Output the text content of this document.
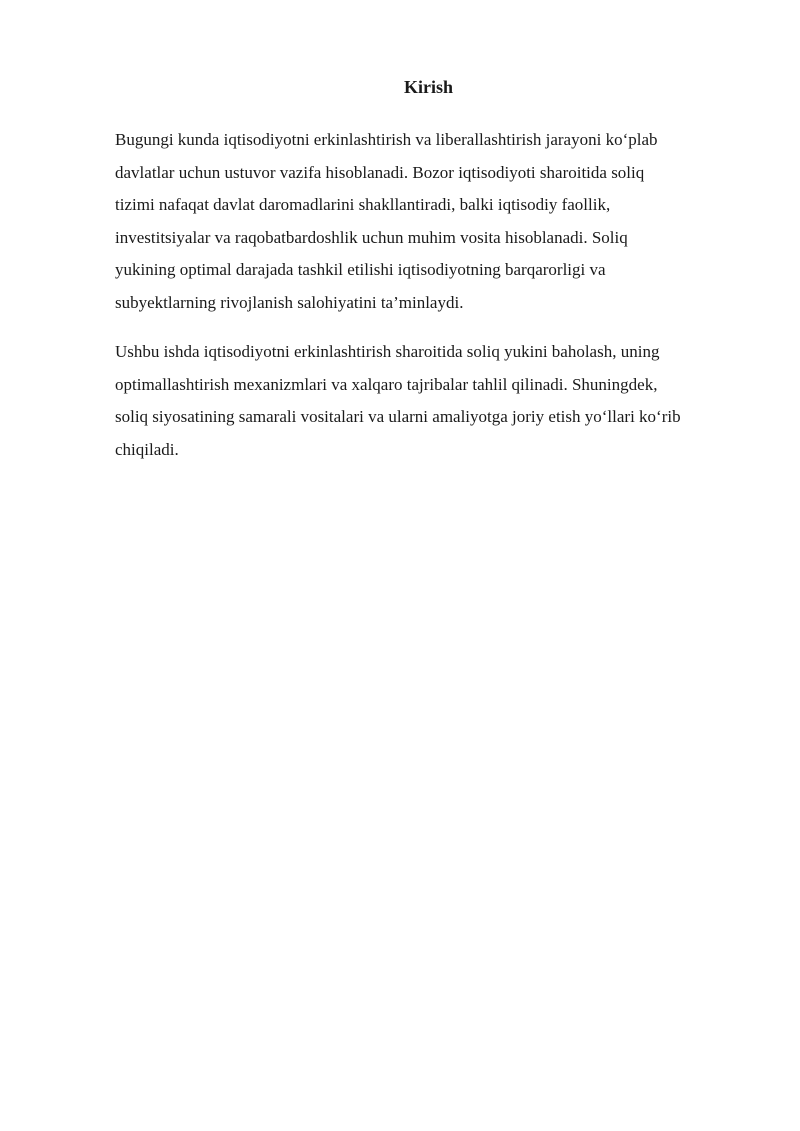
Kirish

Bugungi kunda iqtisodiyotni erkinlashtirish va liberallashtirish jarayoni ko‘plab
davlatlar uchun ustuvor vazifa hisoblanadi. Bozor iqtisodiyoti sharoitida soliq
tizimi nafaqat davlat daromadlarini shakllantiradi, balki iqtisodiy faollik,
investitsiyalar va raqobatbardoshlik uchun muhim vosita hisoblanadi. Soliq
yukining optimal darajada tashkil etilishi iqtisodiyotning barqarorligi va
subyektlarning rivojlanish salohiyatini ta’minlaydi.

Ushbu ishda iqtisodiyotni erkinlashtirish sharoitida soliq yukini baholash, uning
optimallashtirish mexanizmlari va xalqaro tajribalar tahlil qilinadi. Shuningdek,
soliq siyosatining samarali vositalari va ularni amaliyotga joriy etish yo‘llari ko‘rib
chiqiladi.
